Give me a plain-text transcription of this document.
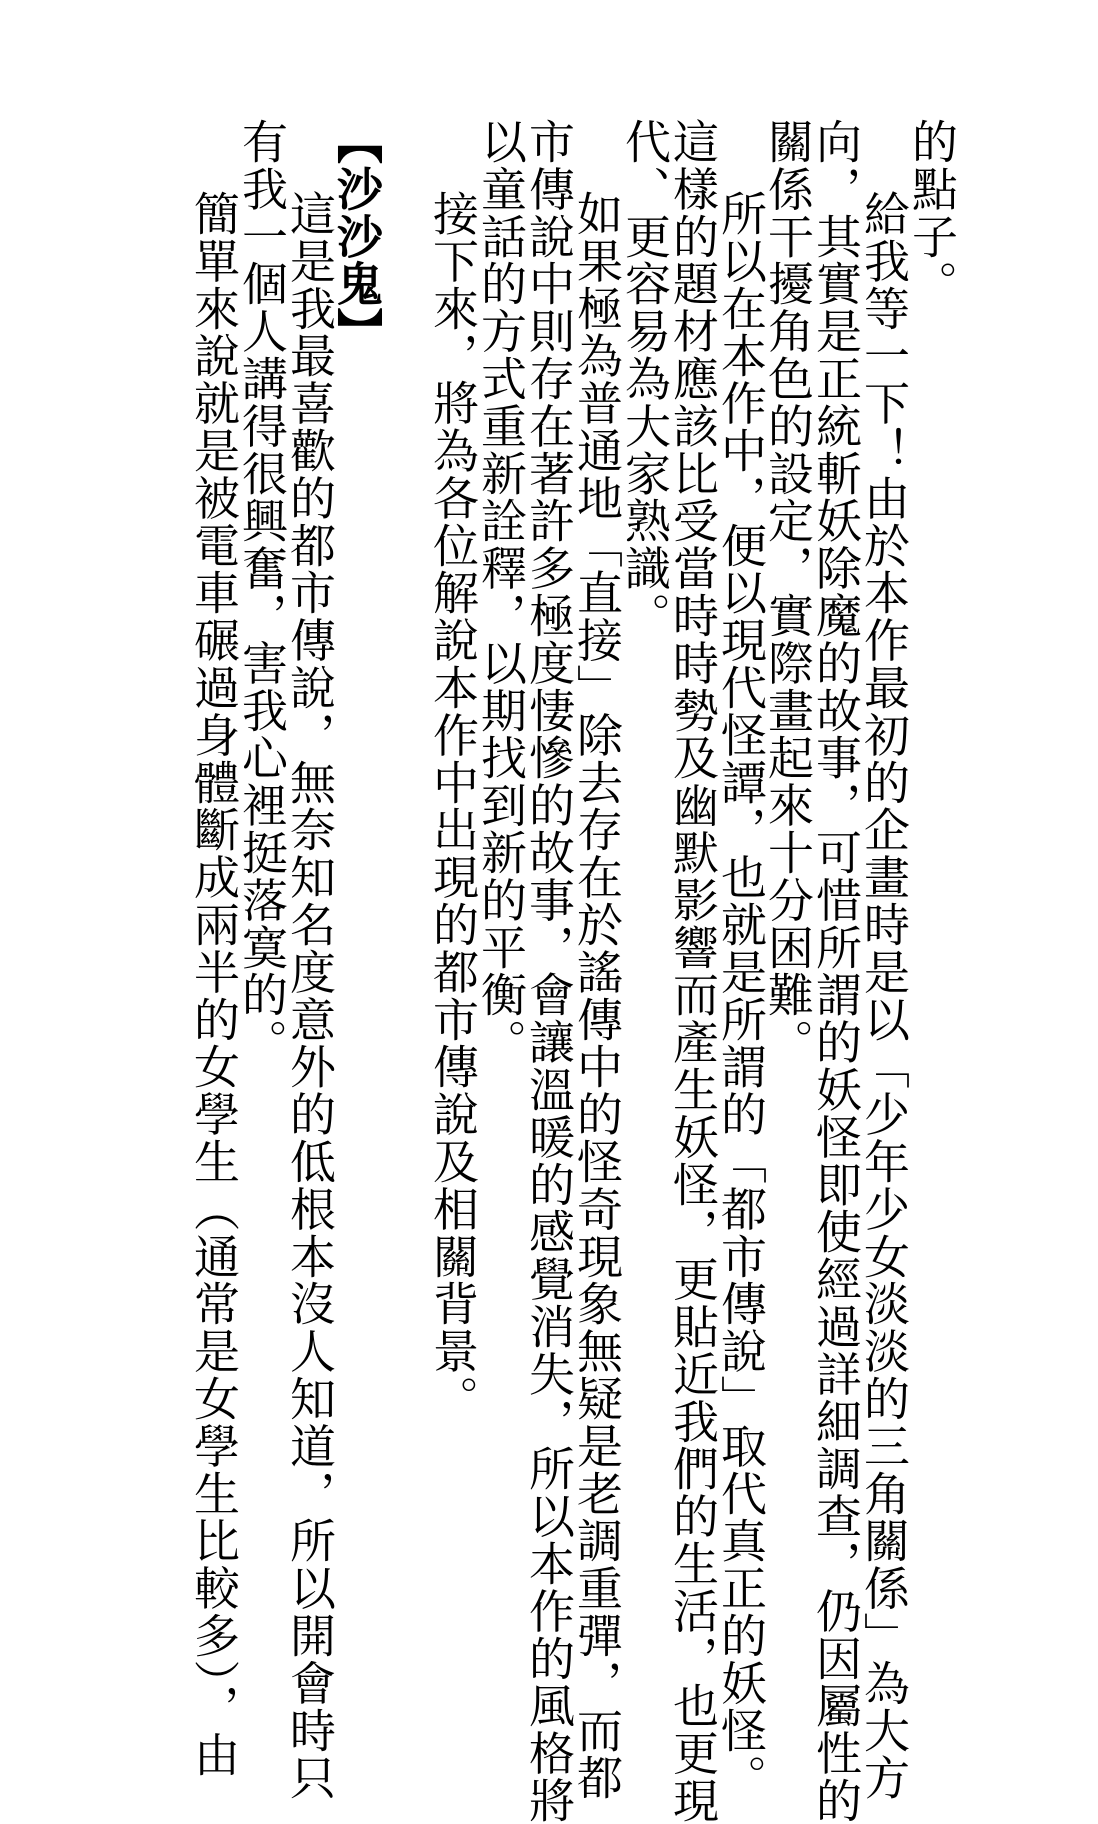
的點子。
給我等一下！由於本作最初的企畫時是以「少年少女淡淡的三角關係」為大方
向，其實是正統斬妖除魔的故事，可惜所謂的妖怪即使經過詳細調查，仍因屬性的
關係干擾角色的設定，實際畫起來十分困難。
所以在本作中，便以現代怪譚，也就是所謂的「都市傳說」取代真正的妖怪。
這樣的題材應該比受當時時勢及幽默影響而產生妖怪，更貼近我們的生活，也更現
代、更容易為大家熟識。
如果極為普通地「直接」除去存在於謠傳中的怪奇現象無疑是老調重彈，而都
市傳說中則存在著許多極度悽慘的故事，會讓溫暖的感覺消失，所以本作的風格將
以童話的方式重新詮釋，以期找到新的平衡。
接下來，將為各位解說本作中出現的都市傳說及相關背景。
【沙沙鬼】
這是我最喜歡的都市傳說，無奈知名度意外的低根本沒人知道，所以開會時只
有我一個人講得很興奮，害我心裡挺落寞的。
簡單來說就是被電車碾過身體斷成兩半的女學生（通常是女學生比較多），由
